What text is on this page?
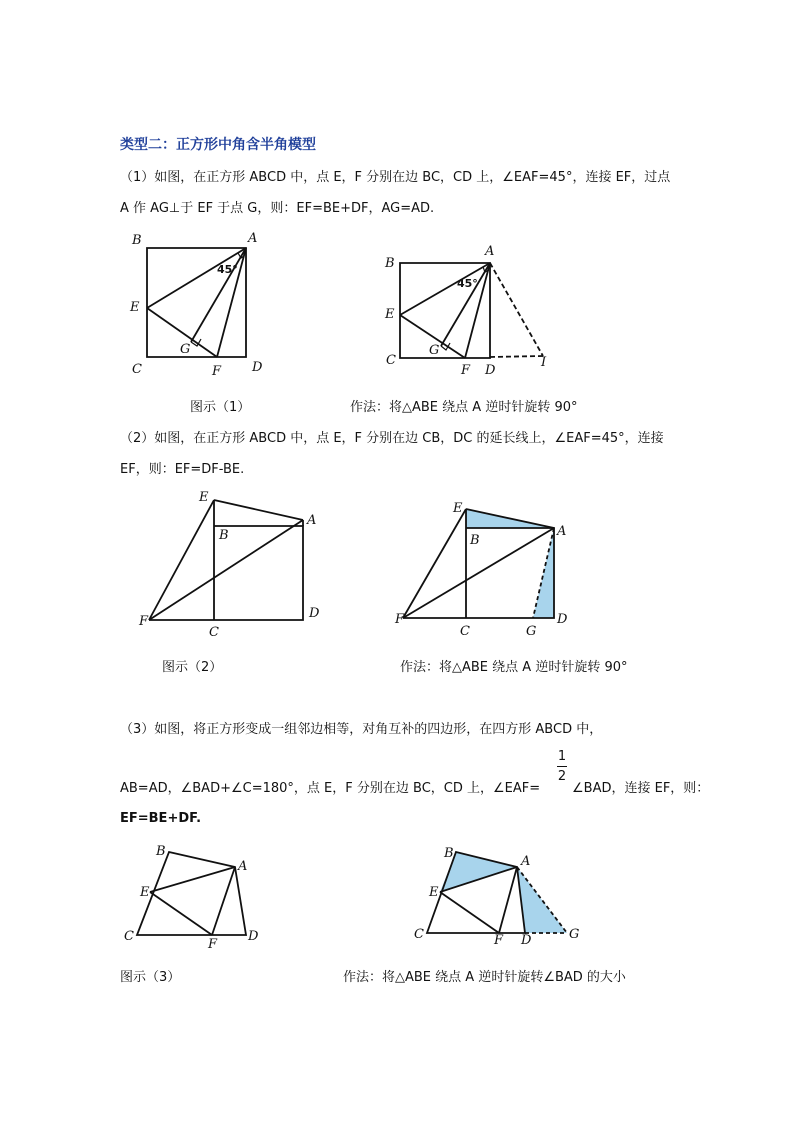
类型二：正方形中角含半角模型
（1）如图，在正方形 ABCD 中，点 E，F 分别在边 BC，CD 上，∠EAF=45°，连接 EF，过点
A 作 AG⊥于 EF 于点 G，则：EF=BE+DF，AG=AD.
B	A
45°
E
G
C	F D
B
A
45°
E
G
C
F D
I
图示（1）	作法：将△ABE 绕点 A 逆时针旋转 90°
（2）如图，在正方形 ABCD 中，点 E，F 分别在边 CB，DC 的延长线上，∠EAF=45°，连接
EF，则：EF=DF-BE.
E
B
A
D
F
C
E
B
A
D
F
C	G
图示（2）	作法：将△ABE 绕点 A 逆时针旋转 90°
（3）如图，将正方形变成一组邻边相等，对角互补的四边形，在四方形 ABCD 中，
AB=AD，∠BAD+∠C=180°，点 E，F 分别在边 BC，CD 上，∠EAF=
1
2
∠BAD，连接 EF，则：
EF=BE+DF.
B
A
E
C
F
D
B
A
E
C	F D	G
图示（3）	作法：将△ABE 绕点 A 逆时针旋转∠BAD 的大小
